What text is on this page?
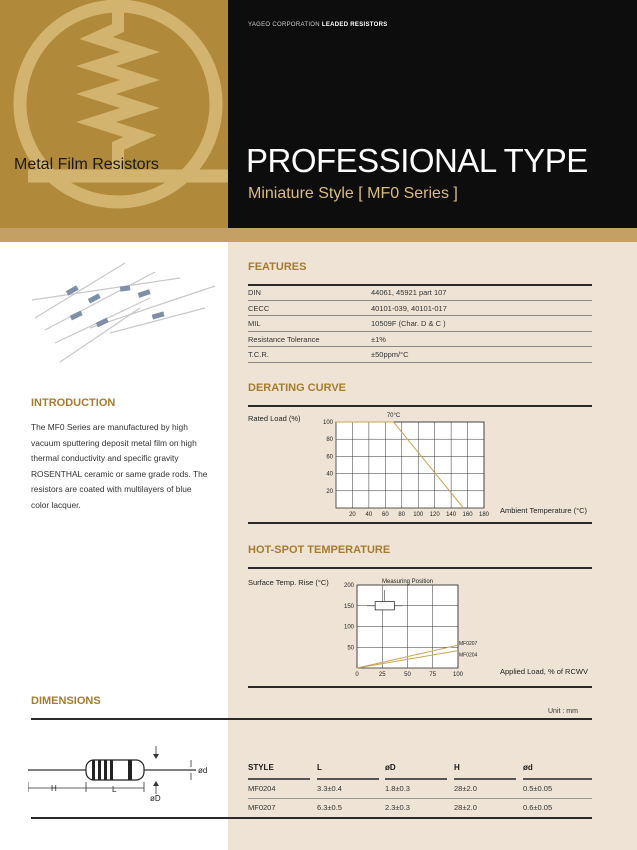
Metal Film Resistors
YAGEO CORPORATION LEADED RESISTORS
PROFESSIONAL TYPE
Miniature Style [ MF0 Series ]
FEATURES
DIN	44061, 45921 part 107
CECC	40101-039, 40101-017
MIL	10509F (Char. D & C )
Resistance Tolerance	±1%
T.C.R.	±50ppm/°C
INTRODUCTION
The MF0 Series are manufactured by high vacuum sputtering deposit metal film on high thermal conductivity and specific gravity ROSENTHAL ceramic or same grade rods. The resistors are coated with multilayers of blue color lacquer.
DERATING CURVE
Rated Load (%)
Ambient Temperature (°C)
20 40 60 80 100 120 140 160 180
100
80
60
40
20
70°C
HOT-SPOT TEMPERATURE
Surface Temp. Rise (°C)
Applied Load, % of RCWV
0	25	50	75	100
200
150
100
50
Measuring Position
MF0207
MF0204
DIMENSIONS
Unit : mm
H	L
øD
ød	STYLE	L	øD	H	ød
MF0204	3.3±0.4	1.8±0.3	28±2.0	0.5±0.05
MF0207	6.3±0.5	2.3±0.3	28±2.0	0.6±0.05
